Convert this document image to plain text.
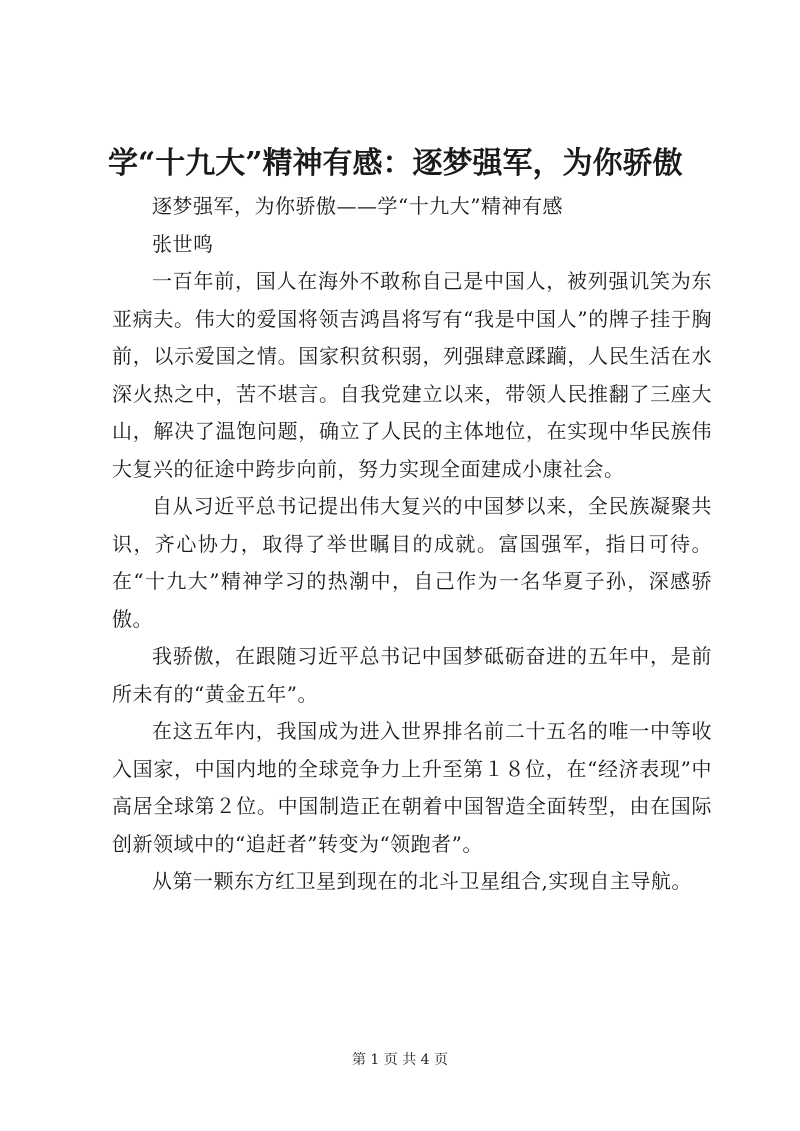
学“十九大”精神有感：逐梦强军，为你骄傲

逐梦强军，为你骄傲——学“十九大”精神有感

张世鸣

一百年前，国人在海外不敢称自己是中国人，被列强讥笑为东亚病夫。伟大的爱国将领吉鸿昌将写有“我是中国人”的牌子挂于胸前，以示爱国之情。国家积贫积弱，列强肆意蹂躏，人民生活在水深火热之中，苦不堪言。自我党建立以来，带领人民推翻了三座大山，解决了温饱问题，确立了人民的主体地位，在实现中华民族伟大复兴的征途中跨步向前，努力实现全面建成小康社会。

自从习近平总书记提出伟大复兴的中国梦以来，全民族凝聚共识，齐心协力，取得了举世瞩目的成就。富国强军，指日可待。在“十九大”精神学习的热潮中，自己作为一名华夏子孙，深感骄傲。

我骄傲，在跟随习近平总书记中国梦砥砺奋进的五年中，是前所未有的“黄金五年”。

在这五年内，我国成为进入世界排名前二十五名的唯一中等收入国家，中国内地的全球竞争力上升至第１８位，在“经济表现”中高居全球第２位。中国制造正在朝着中国智造全面转型，由在国际创新领域中的“追赶者”转变为“领跑者”。

从第一颗东方红卫星到现在的北斗卫星组合,实现自主导航。

第 1 页 共 4 页
